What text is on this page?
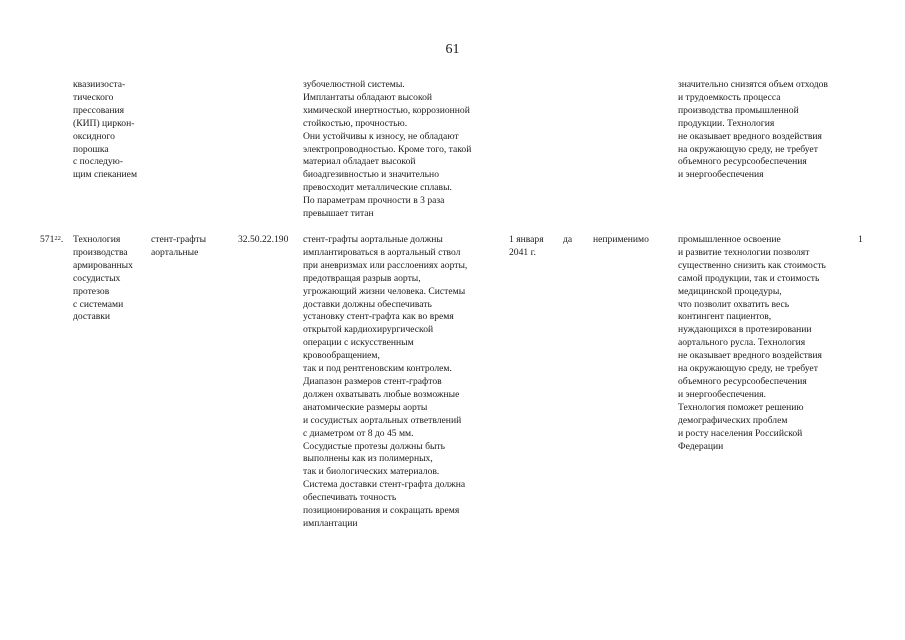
61
квазиизоста-
тического
прессования
(КИП) циркон-
оксидного
порошка
с последую-
щим спеканием
зубочелюстной системы.
Имплантаты обладают высокой
химической инертностью, коррозионной
стойкостью, прочностью.
Они устойчивы к износу, не обладают
электропроводностью. Кроме того, такой
материал обладает высокой
биоадгезивностью и значительно
превосходит металлические сплавы.
По параметрам прочности в 3 раза
превышает титан
значительно снизятся объем отходов
и трудоемкость процесса
производства промышленной
продукции. Технология
не оказывает вредного воздействия
на окружающую среду, не требует
объемного ресурсообеспечения
и энергообеспечения
$571^{22}$. Технология
производства
армированных
сосудистых
протезов
с системами
доставки
стент-графты
аортальные
32.50.22.190 стент-графты аортальные должны
имплантироваться в аортальный ствол
при аневризмах или расслоениях аорты,
предотвращая разрыв аорты,
угрожающий жизни человека. Системы
доставки должны обеспечивать
установку стент-графта как во время
открытой кардиохирургической
операции с искусственным
кровообращением,
так и под рентгеновским контролем.
Диапазон размеров стент-графтов
должен охватывать любые возможные
анатомические размеры аорты
и сосудистых аортальных ответвлений
с диаметром от 8 до 45 мм.
Сосудистые протезы должны быть
выполнены как из полимерных,
так и биологических материалов.
Система доставки стент-графта должна
обеспечивать точность
позиционирования и сокращать время
имплантации
1 января
2041 г.
да неприменимо	промышленное освоение
и развитие технологии позволят
существенно снизить как стоимость
самой продукции, так и стоимость
медицинской процедуры,
что позволит охватить весь
контингент пациентов,
нуждающихся в протезировании
аортального русла. Технология
не оказывает вредного воздействия
на окружающую среду, не требует
объемного ресурсообеспечения
и энергообеспечения.
Технология поможет решению
демографических проблем
и росту населения Российской
Федерации
1
